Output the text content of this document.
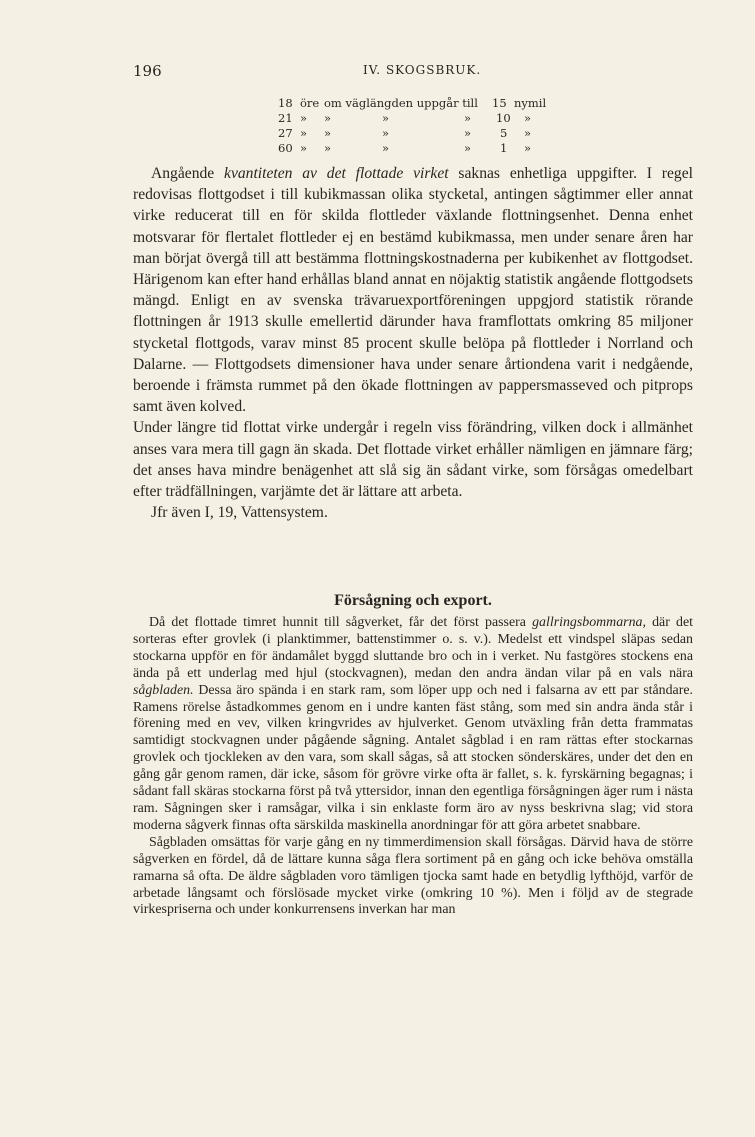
196	IV. SKOGSBRUK.
18 öre om väglängden uppgår till 15 nymil
21 » »	»	» 10 »
27 » »	»	»	5 »
60 » »	»	»	1 »

Angående kvantiteten av det flottade virket saknas enhetliga uppgifter. I regel redovisas flottgodset i till kubikmassan olika stycketal, antingen sågtimmer eller annat virke reducerat till en för skilda flottleder växlande flottningsenhet. Denna enhet motsvarar för flertalet flottleder ej en bestämd kubikmassa, men under senare åren har man börjat övergå till att bestämma flottningskostnaderna per kubikenhet av flottgodset. Härigenom kan efter hand erhållas bland annat en nöjaktig statistik angående flottgodsets mängd. Enligt en av svenska trävaruexportföreningen uppgjord statistik rörande flottningen år 1913 skulle emellertid därunder hava framflottats omkring 85 miljoner stycketal flottgods, varav minst 85 procent skulle belöpa på flottleder i Norrland och Dalarne. — Flottgodsets dimensioner hava under senare årtiondena varit i nedgående, beroende i främsta rummet på den ökade flottningen av pappersmasseved och pitprops samt även kolved.

Under längre tid flottat virke undergår i regeln viss förändring, vilken dock i allmänhet anses vara mera till gagn än skada. Det flottade virket erhåller nämligen en jämnare färg; det anses hava mindre benägenhet att slå sig än sådant virke, som försågas omedelbart efter trädfällningen, varjämte det är lättare att arbeta.

Jfr även I, 19, Vattensystem.

Försågning och export.

Då det flottade timret hunnit till sågverket, får det först passera gallringsbommarna, där det sorteras efter grovlek (i planktimmer, battenstimmer o. s. v.). Medelst ett vindspel släpas sedan stockarna uppför en för ändamålet byggd sluttande bro och in i verket. Nu fastgöres stockens ena ända på ett underlag med hjul (stockvagnen), medan den andra ändan vilar på en vals nära sågbladen. Dessa äro spända i en stark ram, som löper upp och ned i falsarna av ett par ståndare. Ramens rörelse åstadkommes genom en i undre kanten fäst stång, som med sin andra ända står i förening med en vev, vilken kringvrides av hjulverket. Genom utväxling från detta frammatas samtidigt stockvagnen under pågående sågning. Antalet sågblad i en ram rättas efter stockarnas grovlek och tjockleken av den vara, som skall sågas, så att stocken sönderskäres, under det den en gång går genom ramen, där icke, såsom för grövre virke ofta är fallet, s. k. fyrskärning begagnas; i sådant fall skäras stockarna först på två yttersidor, innan den egentliga försågningen äger rum i nästa ram. Sågningen sker i ramsågar, vilka i sin enklaste form äro av nyss beskrivna slag; vid stora moderna sågverk finnas ofta särskilda maskinella anordningar för att göra arbetet snabbare.

Sågbladen omsättas för varje gång en ny timmerdimension skall försågas. Därvid hava de större sågverken en fördel, då de lättare kunna såga flera sortiment på en gång och icke behöva omställa ramarna så ofta. De äldre sågbladen voro tämligen tjocka samt hade en betydlig lyfthöjd, varför de arbetade långsamt och förslösade mycket virke (omkring 10 %). Men i följd av de stegrade virkespriserna och under konkurrensens inverkan har man
